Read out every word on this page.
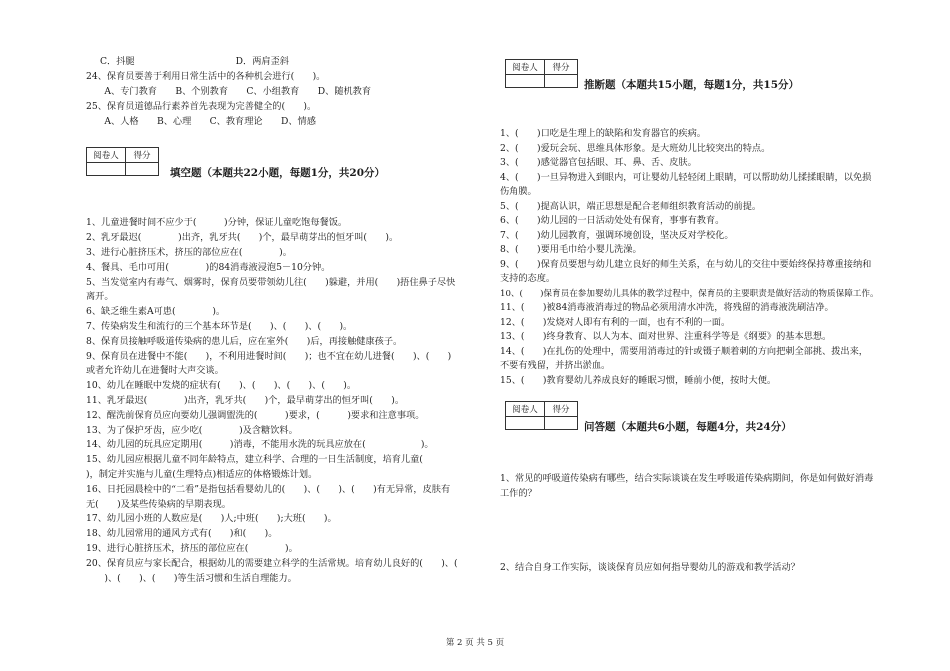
C．抖腿　　　　　　　　　　　D．两肩歪斜
24、保育员要善于利用日常生活中的各种机会进行(　　)。
　　A、专门教育　　B、个别教育　　C、小组教育　　D、随机教育
25、保育员道德品行素养首先表现为完善健全的(　　)。
　　A、人格　　B、心理　　C、教育理论　　D、情感
阅卷人	得分

填空题（本题共22小题，每题1分，共20分）
1、儿童进餐时间不应少于(　　　)分钟，保证儿童吃饱每餐饭。
2、乳牙最迟(　　　　)出齐，乳牙共(　　)个，最早萌芽出的恒牙叫(　　)。
3、进行心脏挤压术，挤压的部位应在(　　　　)。
4、餐具、毛巾可用(　　　　)的84消毒液浸泡5－10分钟。
5、当发觉室内有毒气、烟雾时，保育员要带领幼儿往(　　)躲避，并用(　　)捂住鼻子尽快
离开。
6、缺乏维生素A可患(　　　　)。
7、传染病发生和流行的三个基本环节是(　　)、(　　)、(　　)。
8、保育员接触呼吸道传染病的患儿后，应在室外(　　)后，再接触健康孩子。
9、保育员在进餐中不能(　　)，不利用进餐时间(　　)；也不宜在幼儿进餐(　　)、(　　)
或者允许幼儿在进餐时大声交谈。
10、幼儿在睡眠中发烧的症状有(　　)、(　　)、(　　)、(　　)。
11、乳牙最迟(　　　　)出齐，乳牙共(　　)个，最早萌芽出的恒牙叫(　　)。
12、醒洗前保育员应向要幼儿强调盥洗的(　　　)要求，(　　　)要求和注意事项。
13、为了保护牙齿，应少吃(　　　　)及含糖饮料。
14、幼儿园的玩具应定期用(　　　)消毒，不能用水洗的玩具应放在(　　　　　　)。
15、幼儿园应根据儿童不同年龄特点，建立科学、合理的一日生活制度，培育儿童(　　　　
)，制定并实施与儿童(生理特点)相适应的体格锻炼计划。
16、日托园晨检中的“二看”是指包括看婴幼儿的(　　)、(　　)、(　　)有无异常，皮肤有
无(　　)及某些传染病的早期表现。
17、幼儿园小班的人数应是(　　)人;中班(　　);大班(　　)。
18、幼儿园常用的通风方式有(　　)和(　　)。
19、进行心脏挤压术，挤压的部位应在(　　　　)。
20、保育员应与家长配合，根据幼儿的需要建立科学的生活常规。培育幼儿良好的(　　)、(
　　)、(　　)、(　　)等生活习惯和生活自理能力。
阅卷人	得分

推断题（本题共15小题，每题1分，共15分）
1、(　　)口吃是生理上的缺陷和发育器官的疾病。
2、(　　)爱玩会玩、思维具体形象。是大班幼儿比较突出的特点。
3、(　　)感觉器官包括眼、耳、鼻、舌、皮肤。
4、(　　)一旦异物进入到眼内，可让婴幼儿轻轻闭上眼睛，可以帮助幼儿揉揉眼睛，以免损
伤角膜。
5、(　　)提高认识，端正思想是配合老师组织教育活动的前提。
6、(　　)幼儿园的一日活动处处有保育，事事有教育。
7、(　　)幼儿园教育，强调环境创设，坚决反对学校化。
8、(　　)要用毛巾给小婴儿洗澡。
9、(　　)保育员要想与幼儿建立良好的师生关系，在与幼儿的交往中要始终保持尊重接纳和
支持的态度。
10、(　　)保育员在参加婴幼儿具体的教学过程中，保育员的主要职责是做好活动的物质保障工作。
11、(　　)被84消毒液消毒过的物品必须用清水冲洗，将残留的消毒液洗刷洁净。
12、(　　)发烧对人即有有利的一面，也有不利的一面。
13、(　　)终身教育、以人为本、面对世界、注重科学等是《纲要》的基本思想。
14、(　　)在扎伤的处理中，需要用消毒过的针或镊子顺着刺的方向把刺全部挑、拨出来，
不要有残留，并挤出淤血。
15、(　　)教育婴幼儿养成良好的睡眠习惯，睡前小便，按时大便。
阅卷人	得分

问答题（本题共6小题，每题4分，共24分）
1、常见的呼吸道传染病有哪些，结合实际谈谈在发生呼吸道传染病期间，你是如何做好消毒
工作的？
2、结合自身工作实际，谈谈保育员应如何指导婴幼儿的游戏和教学活动？
第 2 页 共 5 页
